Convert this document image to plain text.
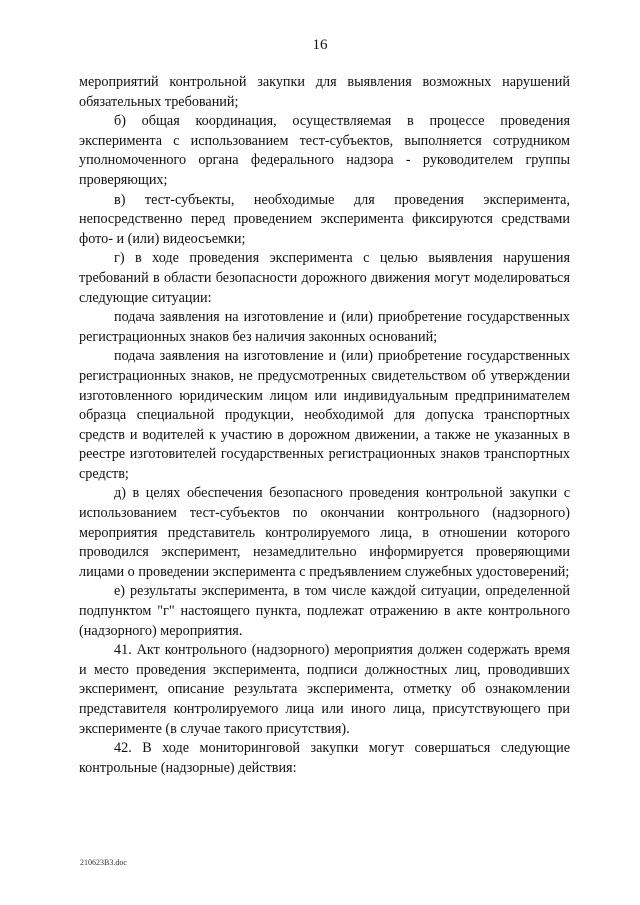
16

мероприятий контрольной закупки для выявления возможных нарушений обязательных требований;

б) общая координация, осуществляемая в процессе проведения эксперимента с использованием тест-субъектов, выполняется сотрудником уполномоченного органа федерального надзора - руководителем группы проверяющих;

в) тест-субъекты, необходимые для проведения эксперимента, непосредственно перед проведением эксперимента фиксируются средствами фото- и (или) видеосъемки;

г) в ходе проведения эксперимента с целью выявления нарушения требований в области безопасности дорожного движения могут моделироваться следующие ситуации:

подача заявления на изготовление и (или) приобретение государственных регистрационных знаков без наличия законных оснований;

подача заявления на изготовление и (или) приобретение государственных регистрационных знаков, не предусмотренных свидетельством об утверждении изготовленного юридическим лицом или индивидуальным предпринимателем образца специальной продукции, необходимой для допуска транспортных средств и водителей к участию в дорожном движении, а также не указанных в реестре изготовителей государственных регистрационных знаков транспортных средств;

д) в целях обеспечения безопасного проведения контрольной закупки с использованием тест-субъектов по окончании контрольного (надзорного) мероприятия представитель контролируемого лица, в отношении которого проводился эксперимент, незамедлительно информируется проверяющими лицами о проведении эксперимента с предъявлением служебных удостоверений;

е) результаты эксперимента, в том числе каждой ситуации, определенной подпунктом "г" настоящего пункта, подлежат отражению в акте контрольного (надзорного) мероприятия.

41. Акт контрольного (надзорного) мероприятия должен содержать время и место проведения эксперимента, подписи должностных лиц, проводивших эксперимент, описание результата эксперимента, отметку об ознакомлении представителя контролируемого лица или иного лица, присутствующего при эксперименте (в случае такого присутствия).

42. В ходе мониторинговой закупки могут совершаться следующие контрольные (надзорные) действия:

210623В3.doc
